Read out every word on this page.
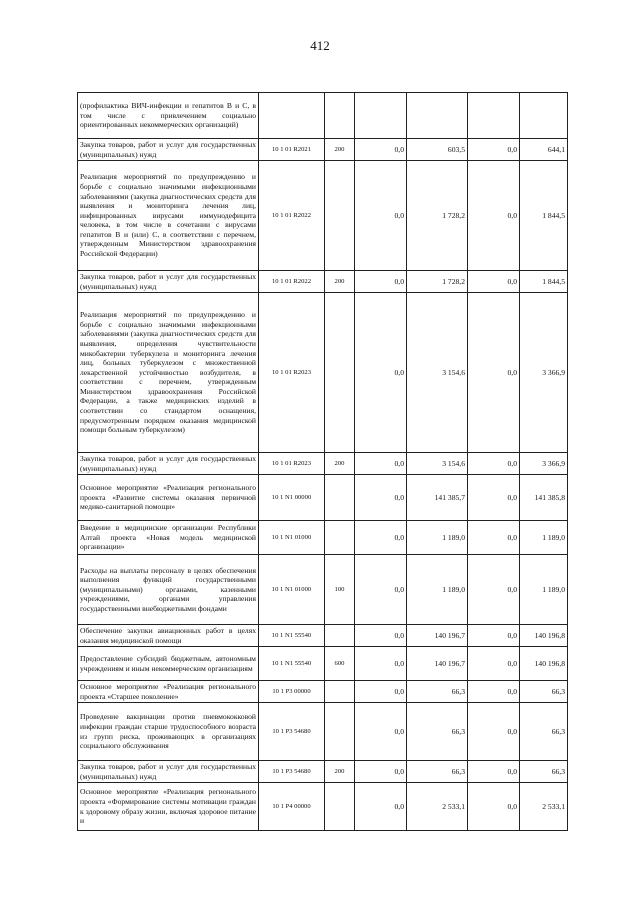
412
(профилактика ВИЧ-инфекции и гепатитов В и С, в том числе с привлечением социально ориентированных некоммерческих организаций)						
Закупка товаров, работ и услуг для государственных (муниципальных) нужд	10 1 01 R2021	200	0,0	603,5	0,0	644,1
Реализация мероприятий по предупреждению и борьбе с социально значимыми инфекционными заболеваниями (закупка диагностических средств для выявления и мониторинга лечения лиц, инфицированных вирусами иммунодефицита человека, в том числе в сочетании с вирусами гепатитов В и (или) С, в соответствии с перечнем, утвержденным Министерством здравоохранения Российской Федерации)	10 1 01 R2022		0,0	1 728,2	0,0	1 844,5
Закупка товаров, работ и услуг для государственных (муниципальных) нужд	10 1 01 R2022	200	0,0	1 728,2	0,0	1 844,5
Реализация мероприятий по предупреждению и борьбе с социально значимыми инфекционными заболеваниями (закупка диагностических средств для выявления, определения чувствительности микобактерии туберкулеза и мониторинга лечения лиц, больных туберкулезом с множественной лекарственной устойчивостью возбудителя, в соответствии с перечнем, утвержденным Министерством здравоохранения Российской Федерации, а также медицинских изделий в соответствии со стандартом оснащения, предусмотренным порядком оказания медицинской помощи больным туберкулезом)	10 1 01 R2023		0,0	3 154,6	0,0	3 366,9
Закупка товаров, работ и услуг для государственных (муниципальных) нужд	10 1 01 R2023	200	0,0	3 154,6	0,0	3 366,9
Основное мероприятие «Реализация регионального проекта «Развитие системы оказания первичной медико-санитарной помощи»	10 1 N1 00000		0,0	141 385,7	0,0	141 385,8
Введение в медицинские организации Республики Алтай проекта «Новая модель медицинской организации»	10 1 N1 01000		0,0	1 189,0	0,0	1 189,0
Расходы на выплаты персоналу в целях обеспечения выполнения функций государственными (муниципальными) органами, казенными учреждениями, органами управления государственными внебюджетными фондами	10 1 N1 01000	100	0,0	1 189,0	0,0	1 189,0
Обеспечение закупки авиационных работ в целях оказания медицинской помощи	10 1 N1 55540		0,0	140 196,7	0,0	140 196,8
Предоставление субсидий бюджетным, автономным учреждениям и иным некоммерческим организациям	10 1 N1 55540	600	0,0	140 196,7	0,0	140 196,8
Основное мероприятие «Реализация регионального проекта «Старшее поколение»	10 1 P3 00000		0,0	66,3	0,0	66,3
Проведение вакцинации против пневмококковой инфекции граждан старше трудоспособного возраста из групп риска, проживающих в организациях социального обслуживания	10 1 P3 54680		0,0	66,3	0,0	66,3
Закупка товаров, работ и услуг для государственных (муниципальных) нужд	10 1 P3 54680	200	0,0	66,3	0,0	66,3
Основное мероприятие «Реализация регионального проекта «Формирование системы мотивации граждан к здоровому образу жизни, включая здоровое питание и	10 1 P4 00000		0,0	2 533,1	0,0	2 533,1
